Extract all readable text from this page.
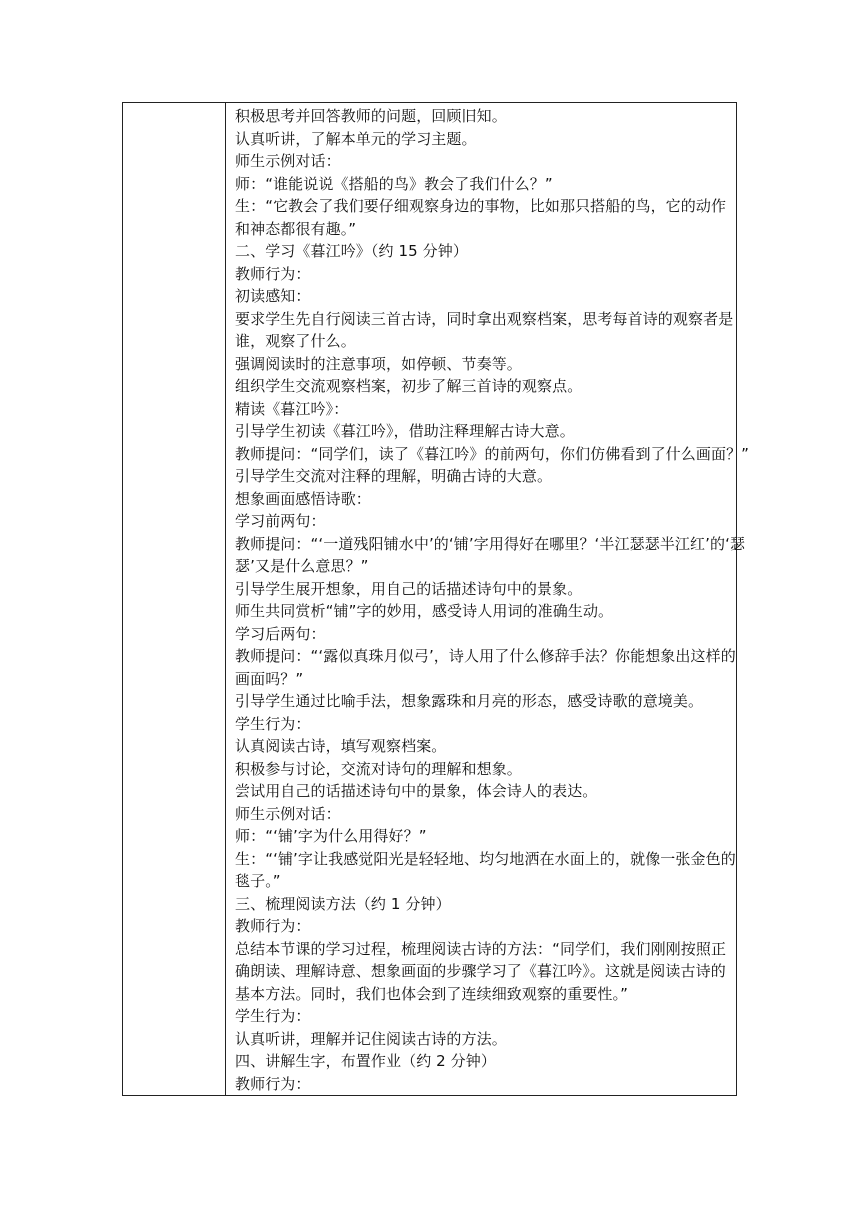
积极思考并回答教师的问题，回顾旧知。
认真听讲，了解本单元的学习主题。
师生示例对话：
师：“谁能说说《搭船的鸟》教会了我们什么？”
生：“它教会了我们要仔细观察身边的事物，比如那只搭船的鸟，它的动作
和神态都很有趣。”
二、学习《暮江吟》（约 15 分钟）
教师行为：
初读感知：
要求学生先自行阅读三首古诗，同时拿出观察档案，思考每首诗的观察者是
谁，观察了什么。
强调阅读时的注意事项，如停顿、节奏等。
组织学生交流观察档案，初步了解三首诗的观察点。
精读《暮江吟》：
引导学生初读《暮江吟》，借助注释理解古诗大意。
教师提问：“同学们，读了《暮江吟》的前两句，你们仿佛看到了什么画面？”
引导学生交流对注释的理解，明确古诗的大意。
想象画面感悟诗歌：
学习前两句：
教师提问：“‘一道残阳铺水中’的‘铺’字用得好在哪里？‘半江瑟瑟半江红’的‘瑟
瑟’又是什么意思？”
引导学生展开想象，用自己的话描述诗句中的景象。
师生共同赏析“铺”字的妙用，感受诗人用词的准确生动。
学习后两句：
教师提问：“‘露似真珠月似弓’，诗人用了什么修辞手法？你能想象出这样的
画面吗？”
引导学生通过比喻手法，想象露珠和月亮的形态，感受诗歌的意境美。
学生行为：
认真阅读古诗，填写观察档案。
积极参与讨论，交流对诗句的理解和想象。
尝试用自己的话描述诗句中的景象，体会诗人的表达。
师生示例对话：
师：“‘铺’字为什么用得好？”
生：“‘铺’字让我感觉阳光是轻轻地、均匀地洒在水面上的，就像一张金色的
毯子。”
三、梳理阅读方法（约 1 分钟）
教师行为：
总结本节课的学习过程，梳理阅读古诗的方法：“同学们，我们刚刚按照正
确朗读、理解诗意、想象画面的步骤学习了《暮江吟》。这就是阅读古诗的
基本方法。同时，我们也体会到了连续细致观察的重要性。”
学生行为：
认真听讲，理解并记住阅读古诗的方法。
四、讲解生字，布置作业（约 2 分钟）
教师行为：
